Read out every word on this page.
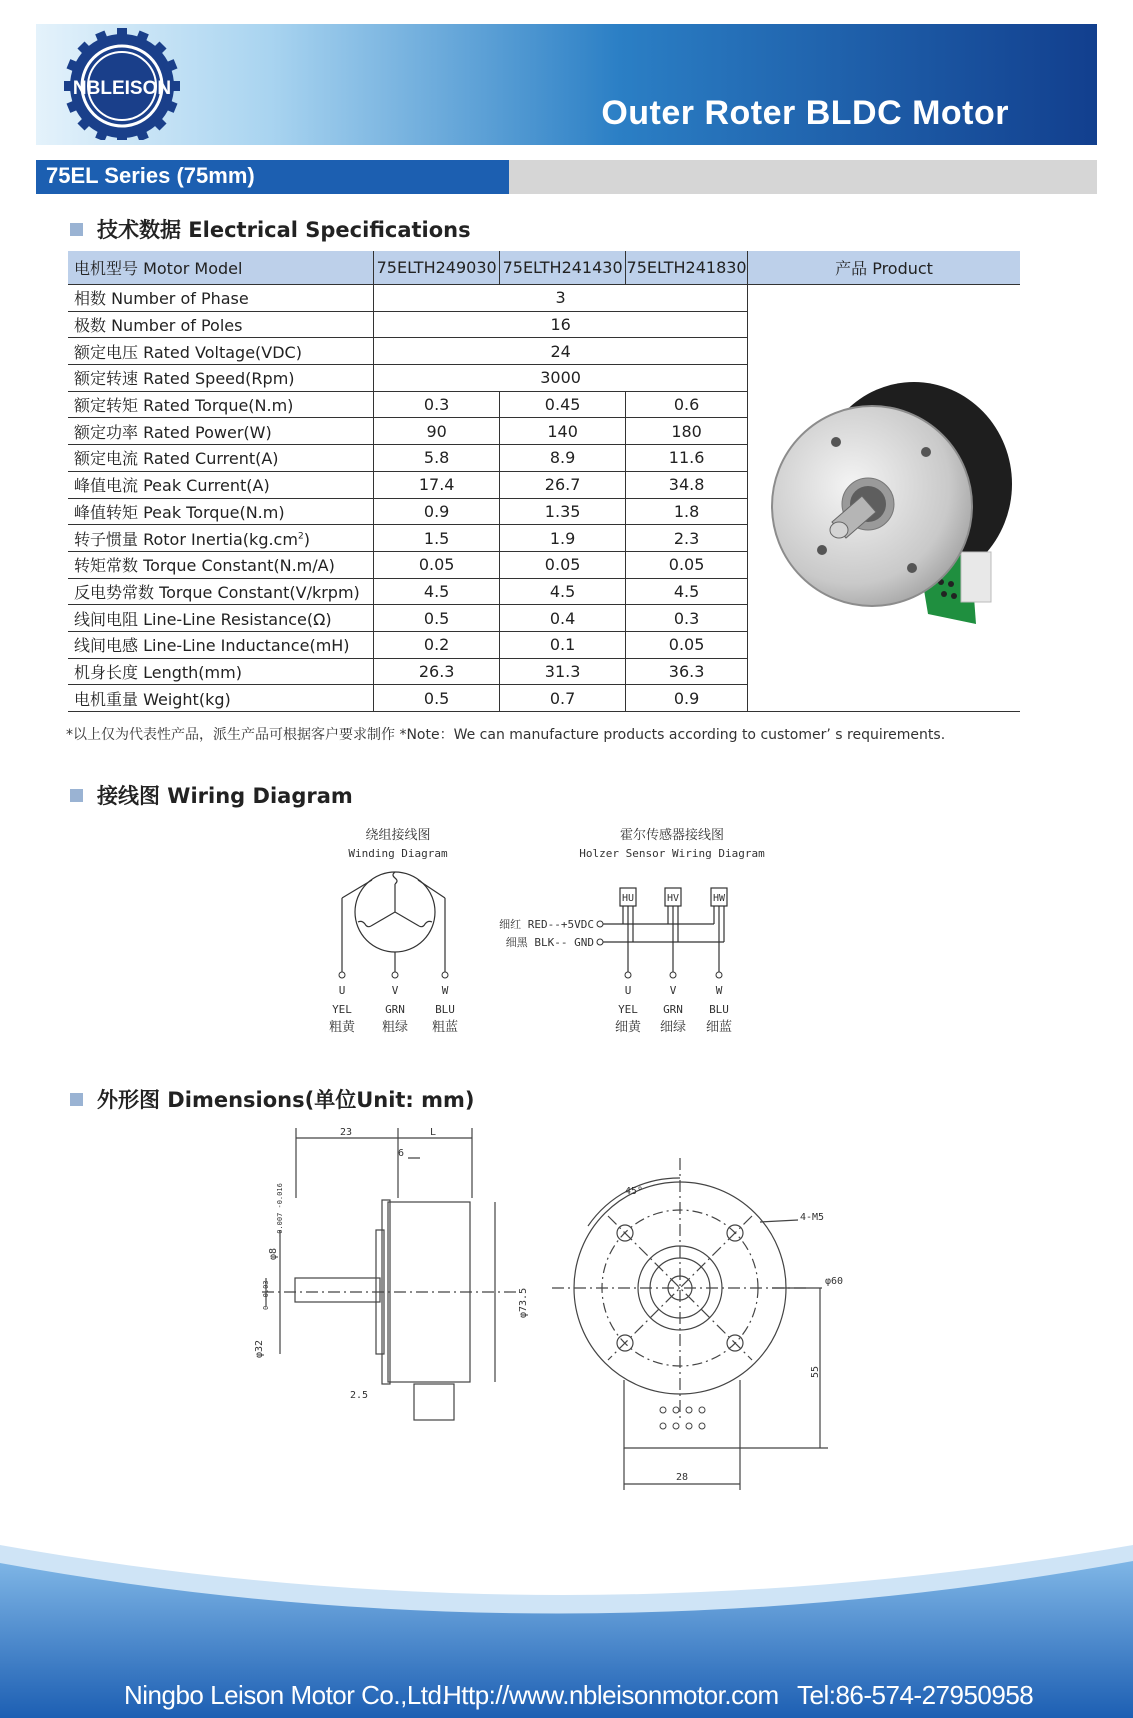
NBLEISON
Outer Roter BLDC Motor
75EL Series (75mm)
技术数据 Electrical Specifications
电机型号 Motor Model	75ELTH249030	75ELTH241430	75ELTH241830	产品 Product
相数 Number of Phase	3			
极数 Number of Poles	16			
额定电压 Rated Voltage(VDC)	24			
额定转速 Rated Speed(Rpm)	3000			
额定转矩 Rated Torque(N.m)	0.3	0.45	0.6	
额定功率 Rated Power(W)	90	140	180	
额定电流 Rated Current(A)	5.8	8.9	11.6	
峰值电流 Peak Current(A)	17.4	26.7	34.8	
峰值转矩 Peak Torque(N.m)	0.9	1.35	1.8	
转子惯量 Rotor $Inertia(kg.cm^2)$	1.5	1.9	2.3	
转矩常数 Torque Constant(N.m/A)	0.05	0.05	0.05	
反电势常数 Torque Constant(V/krpm)	4.5	4.5	4.5	
线间电阻 Line-Line Resistance(Ω)	0.5	0.4	0.3	
线间电感 Line-Line Inductance(mH)	0.2	0.1	0.05	
机身长度 Length(mm)	26.3	31.3	36.3	
电机重量 Weight(kg)	0.5	0.7	0.9	
*以上仅为代表性产品，派生产品可根据客户要求制作 *Note：We can manufacture products according to customer’ s requirements.
接线图 Wiring Diagram
绕组接线图
Winding Diagram
U	V	W
YEL	GRN	BLU
粗黄 粗绿 粗蓝
霍尔传感器接线图
Holzer Sensor Wiring Diagram
HU	HV	HW
细红 RED--+5VDC
细黑 BLK-- GND
U	V	W
YEL GRN BLU
细黄 细绿 细蓝
外形图 Dimensions(单位Unit: mm)
23	L
6
2.5
φ8
-0.007 -0.016
φ32
0 -0.03	φ73.5
45°
4-M5
φ60
55
28
Ningbo Leison Motor Co.,Ltd.
Http://www.nbleisonmotor.com Tel:86-574-27950958
